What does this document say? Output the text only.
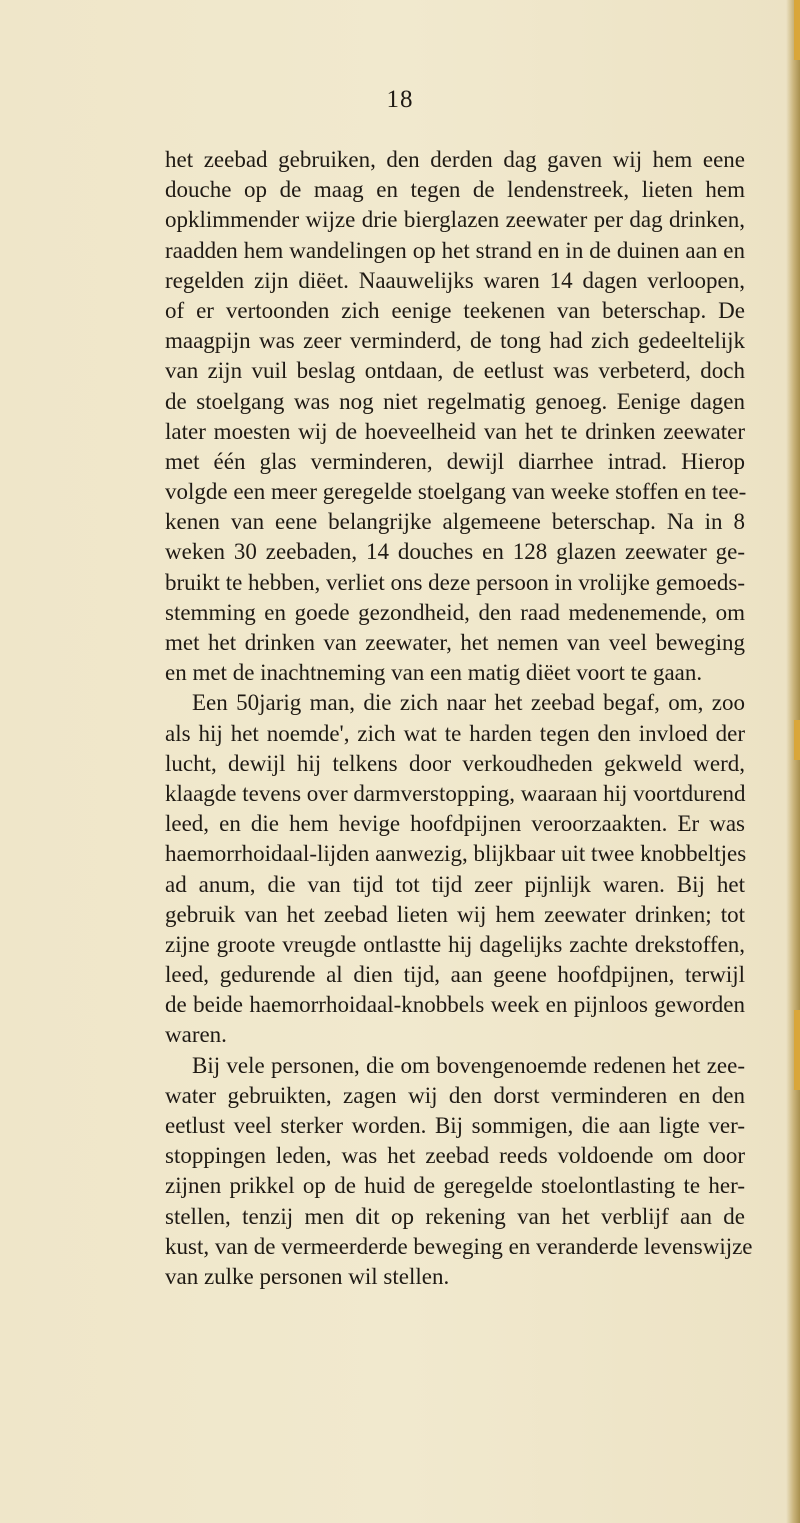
18
het zeebad gebruiken, den derden dag gaven wij hem eene
douche op de maag en tegen de lendenstreek, lieten hem
opklimmender wijze drie bierglazen zeewater per dag drinken,
raadden hem wandelingen op het strand en in de duinen aan en
regelden zijn diëet. Naauwelijks waren 14 dagen verloopen,
of er vertoonden zich eenige teekenen van beterschap. De
maagpijn was zeer verminderd, de tong had zich gedeeltelijk
van zijn vuil beslag ontdaan, de eetlust was verbeterd, doch
de stoelgang was nog niet regelmatig genoeg. Eenige dagen
later moesten wij de hoeveelheid van het te drinken zeewater
met één glas verminderen, dewijl diarrhee intrad. Hierop
volgde een meer geregelde stoelgang van weeke stoffen en tee-
kenen van eene belangrijke algemeene beterschap. Na in 8
weken 30 zeebaden, 14 douches en 128 glazen zeewater ge-
bruikt te hebben, verliet ons deze persoon in vrolijke gemoeds-
stemming en goede gezondheid, den raad medenemende, om
met het drinken van zeewater, het nemen van veel beweging
en met de inachtneming van een matig diëet voort te gaan.
Een 50jarig man, die zich naar het zeebad begaf, om, zoo
als hij het noemde', zich wat te harden tegen den invloed der
lucht, dewijl hij telkens door verkoudheden gekweld werd,
klaagde tevens over darmverstopping, waaraan hij voortdurend
leed, en die hem hevige hoofdpijnen veroorzaakten. Er was
haemorrhoidaal-lijden aanwezig, blijkbaar uit twee knobbeltjes
ad anum, die van tijd tot tijd zeer pijnlijk waren. Bij het
gebruik van het zeebad lieten wij hem zeewater drinken; tot
zijne groote vreugde ontlastte hij dagelijks zachte drekstoffen,
leed, gedurende al dien tijd, aan geene hoofdpijnen, terwijl
de beide haemorrhoidaal-knobbels week en pijnloos geworden
waren.
Bij vele personen, die om bovengenoemde redenen het zee-
water gebruikten, zagen wij den dorst verminderen en den
eetlust veel sterker worden. Bij sommigen, die aan ligte ver-
stoppingen leden, was het zeebad reeds voldoende om door
zijnen prikkel op de huid de geregelde stoelontlasting te her-
stellen, tenzij men dit op rekening van het verblijf aan de
kust, van de vermeerderde beweging en veranderde levenswijze
van zulke personen wil stellen.
